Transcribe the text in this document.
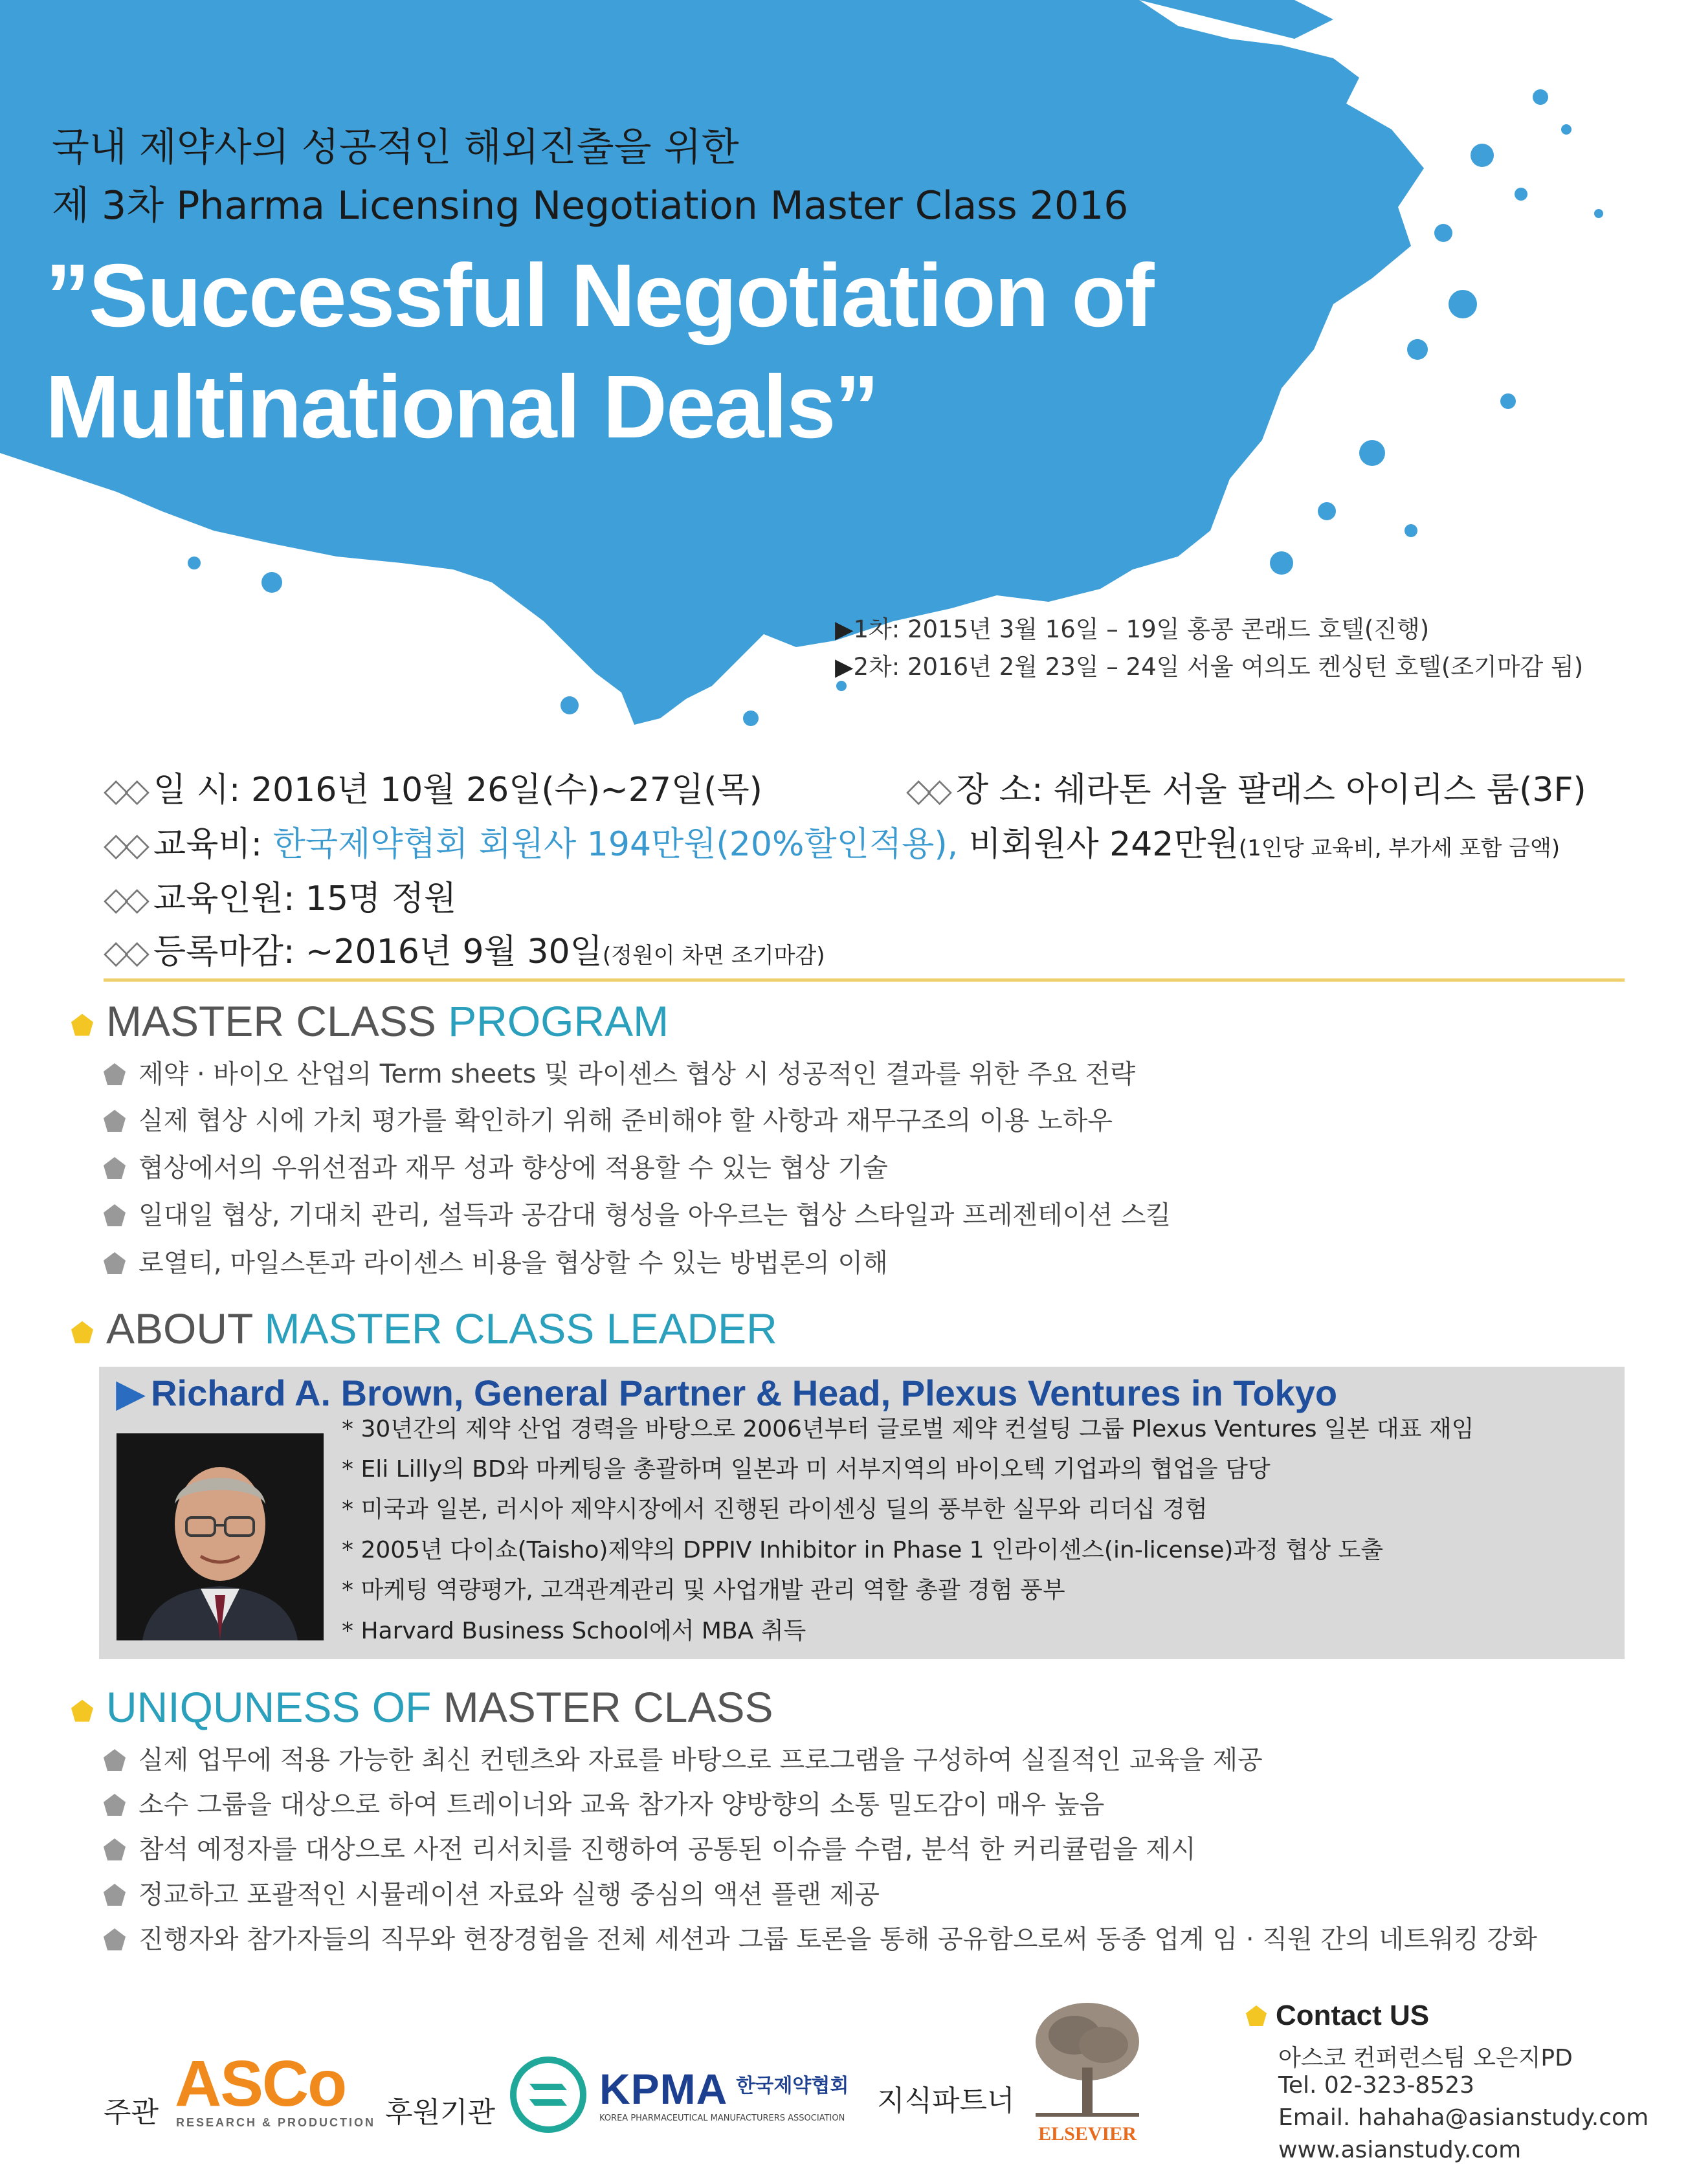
국내 제약사의 성공적인 해외진출을 위한
제 3차 Pharma Licensing Negotiation Master Class 2016
”Successful Negotiation of
Multinational Deals”
▶1차: 2015년 3월 16일 – 19일 홍콩 콘래드 호텔(진행)
▶2차: 2016년 2월 23일 – 24일 서울 여의도 켄싱턴 호텔(조기마감 됨)
◇◇ 일 시: 2016년 10월 26일(수)~27일(목)	◇◇ 장 소: 쉐라톤 서울 팔래스 아이리스 룸(3F)
◇◇ 교육비: 한국제약협회 회원사 194만원(20%할인적용), 비회원사 242만원(1인당 교육비, 부가세 포함 금액)
◇◇ 교육인원: 15명 정원
◇◇ 등록마감: ~2016년 9월 30일(정원이 차면 조기마감)
MASTER CLASS PROGRAM
제약 · 바이오 산업의 Term sheets 및 라이센스 협상 시 성공적인 결과를 위한 주요 전략
실제 협상 시에 가치 평가를 확인하기 위해 준비해야 할 사항과 재무구조의 이용 노하우
협상에서의 우위선점과 재무 성과 향상에 적용할 수 있는 협상 기술
일대일 협상, 기대치 관리, 설득과 공감대 형성을 아우르는 협상 스타일과 프레젠테이션 스킬
로열티, 마일스톤과 라이센스 비용을 협상할 수 있는 방법론의 이해
ABOUT MASTER CLASS LEADER
▶ Richard A. Brown, General Partner & Head, Plexus Ventures in Tokyo
* 30년간의 제약 산업 경력을 바탕으로 2006년부터 글로벌 제약 컨설팅 그룹 Plexus Ventures 일본 대표 재임
* Eli Lilly의 BD와 마케팅을 총괄하며 일본과 미 서부지역의 바이오텍 기업과의 협업을 담당
* 미국과 일본, 러시아 제약시장에서 진행된 라이센싱 딜의 풍부한 실무와 리더십 경험
* 2005년 다이쇼(Taisho)제약의 DPPIV Inhibitor in Phase 1 인라이센스(in-license)과정 협상 도출
* 마케팅 역량평가, 고객관계관리 및 사업개발 관리 역할 총괄 경험 풍부
* Harvard Business School에서 MBA 취득
UNIQUNESS OF MASTER CLASS
실제 업무에 적용 가능한 최신 컨텐츠와 자료를 바탕으로 프로그램을 구성하여 실질적인 교육을 제공
소수 그룹을 대상으로 하여 트레이너와 교육 참가자 양방향의 소통 밀도감이 매우 높음
참석 예정자를 대상으로 사전 리서치를 진행하여 공통된 이슈를 수렴, 분석 한 커리큘럼을 제시
정교하고 포괄적인 시뮬레이션 자료와 실행 중심의 액션 플랜 제공
진행자와 참가자들의 직무와 현장경험을 전체 세션과 그룹 토론을 통해 공유함으로써 동종 업계 임 · 직원 간의 네트워킹 강화
주관 ASCo
RESEARCH & PRODUCTION 후원기관 KPMA 한국제약협회
KOREA PHARMACEUTICAL MANUFACTURERS ASSOCIATION
지식파트너
ELSEVIER
Contact US
아스코 컨퍼런스팀 오은지PD
Tel. 02-323-8523
Email. hahaha@asianstudy.com
www.asianstudy.com
